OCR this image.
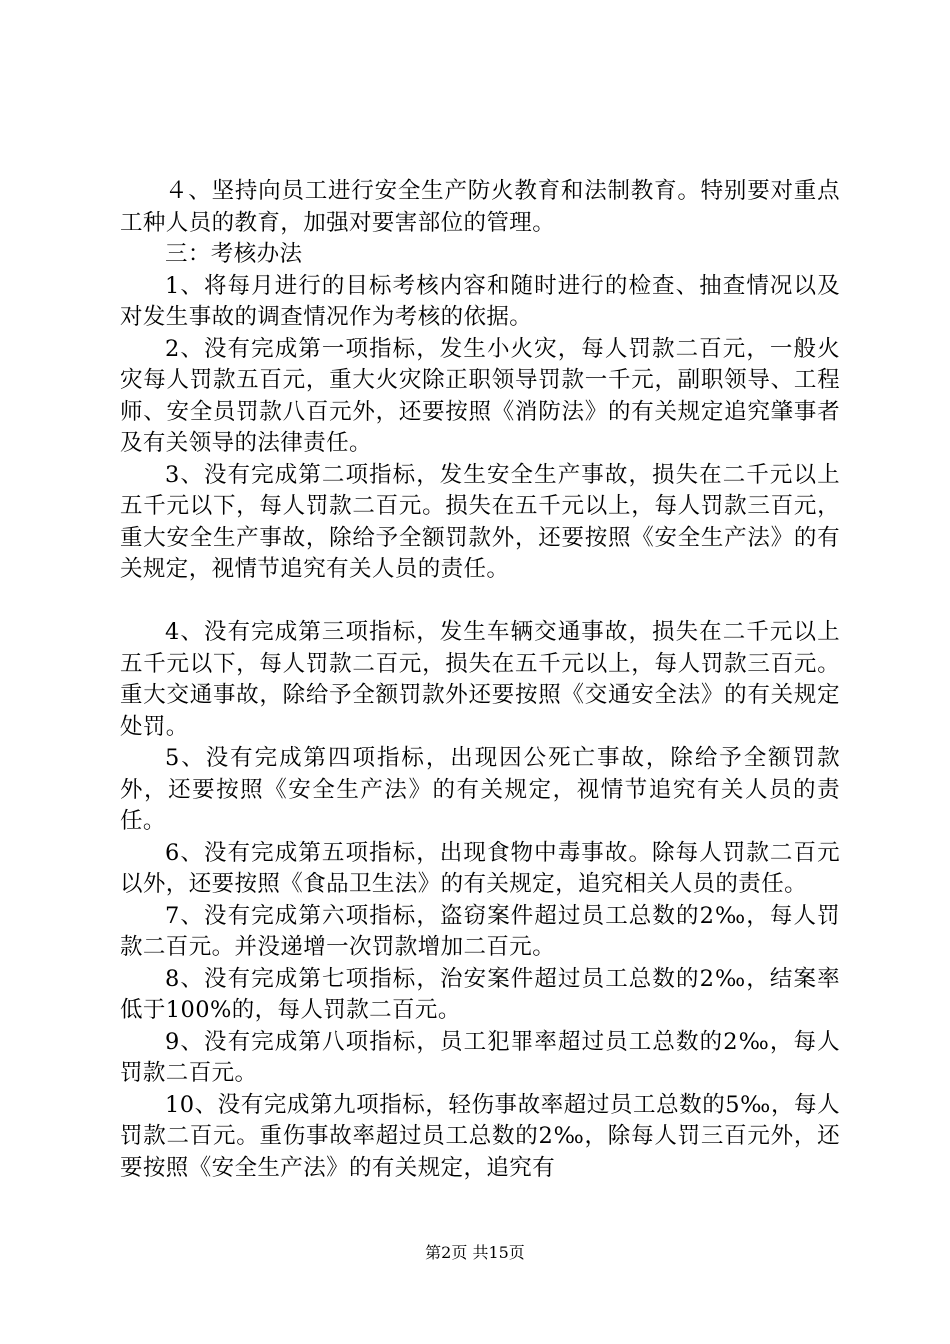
４、坚持向员工进行安全生产防火教育和法制教育。特别要对重点工种人员的教育，加强对要害部位的管理。

三：考核办法

1、将每月进行的目标考核内容和随时进行的检查、抽查情况以及对发生事故的调查情况作为考核的依据。

2、没有完成第一项指标，发生小火灾，每人罚款二百元，一般火灾每人罚款五百元，重大火灾除正职领导罚款一千元，副职领导、工程师、安全员罚款八百元外，还要按照《消防法》的有关规定追究肇事者及有关领导的法律责任。

3、没有完成第二项指标，发生安全生产事故，损失在二千元以上五千元以下，每人罚款二百元。损失在五千元以上，每人罚款三百元，重大安全生产事故，除给予全额罚款外，还要按照《安全生产法》的有关规定，视情节追究有关人员的责任。

4、没有完成第三项指标，发生车辆交通事故，损失在二千元以上五千元以下，每人罚款二百元，损失在五千元以上，每人罚款三百元。重大交通事故，除给予全额罚款外还要按照《交通安全法》的有关规定处罚。

5、没有完成第四项指标，出现因公死亡事故，除给予全额罚款外，还要按照《安全生产法》的有关规定，视情节追究有关人员的责任。

6、没有完成第五项指标，出现食物中毒事故。除每人罚款二百元以外，还要按照《食品卫生法》的有关规定，追究相关人员的责任。

7、没有完成第六项指标，盗窃案件超过员工总数的2‰，每人罚款二百元。并没递增一次罚款增加二百元。

8、没有完成第七项指标，治安案件超过员工总数的2‰，结案率低于100%的，每人罚款二百元。

9、没有完成第八项指标，员工犯罪率超过员工总数的2‰，每人罚款二百元。

10、没有完成第九项指标，轻伤事故率超过员工总数的5‰，每人罚款二百元。重伤事故率超过员工总数的2‰，除每人罚三百元外，还要按照《安全生产法》的有关规定，追究有

第2页 共15页
